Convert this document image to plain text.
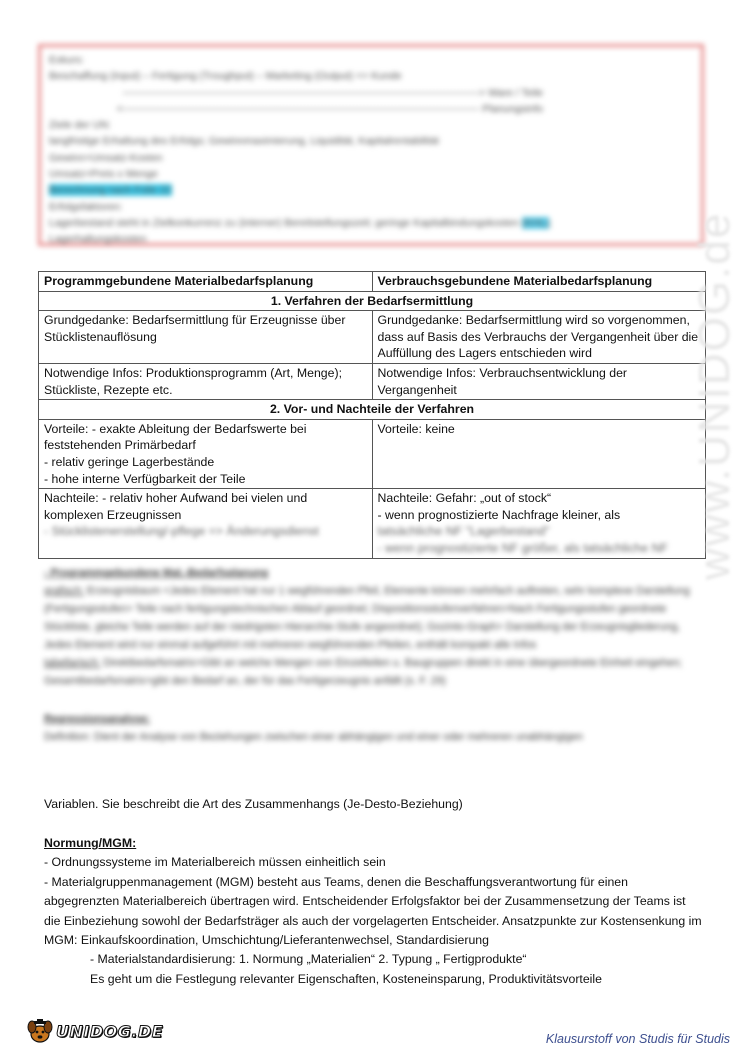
Exkurs:
Beschaffung (Input) – Fertigung (Troughput) – Marketing (Output) => Kunde
------------------------------------------------------------------------------------------------------> Ware / Teile
<------------------------------------------------------------------------------------------------------ Planungsinfo
Ziele der UN:
langfristige Erhaltung des Erfolgs; Gewinnmaximierung, Liquidität, Kapitalrentabilität
Gewinn=Umsatz-Kosten
Umsatz=Preis x Menge
Berechnung nach Folie 22
Erfolgsfaktoren:
Lagerbestand steht in Zielkonkurrenz zu (interner) Bereitstellungszeit; geringe Kapitalbindungskosten (KHL);
Lagerhaltungskosten
Programmgebundene Materialbedarfsplanung	Verbrauchsgebundene Materialbedarfsplanung
1. Verfahren der Bedarfsermittlung	
Grundgedanke: Bedarfsermittlung für Erzeugnisse über Stücklistenauflösung	Grundgedanke: Bedarfsermittlung wird so vorgenommen, dass auf Basis des Verbrauchs der Vergangenheit über die Auffüllung des Lagers entschieden wird
Notwendige Infos: Produktionsprogramm (Art, Menge); Stückliste, Rezepte etc.	Notwendige Infos: Verbrauchsentwicklung der Vergangenheit
2. Vor- und Nachteile der Verfahren	

Vorteile: - exakte Ableitung der Bedarfswerte bei feststehenden Primärbedarf
- relativ geringe Lagerbestände
- hohe interne Verfügbarkeit der Teile	Vorteile: keine

Nachteile: - relativ hoher Aufwand bei vielen und komplexen Erzeugnissen
- Stücklistenerstellung/-pflege => Änderungsdienst	Nachteile: Gefahr: „out of stock“
- wenn prognostizierte Nachfrage kleiner, als
tatsächliche NF "Lagerbestand"
- wenn prognostizierte NF größer, als tatsächliche NF
- Programmgebundene Mat.-Bedarfsplanung
grafisch: Erzeugnisbaum <Jedes Element hat nur 1 wegführenden Pfeil, Elemente können mehrfach auftreten, sehr komplexe Darstellung (Fertigungsstufen> Teile nach fertigungstechnischen Ablauf geordnet; Dispositionsstufenverfahren>Nach Fertigungsstufen geordnete Stückliste, gleiche Teile werden auf der niedrigsten Hierarchie-Stufe angeordnet); Gozinto-Graph> Darstellung der Erzeugnisgliederung, Jedes Element wird nur einmal aufgeführt mit mehreren wegführenden Pfeilen, enthält kompakt alle Infos
tabellarisch: Direktbedarfsmatrix>Gibt an welche Mengen von Einzelteilen u. Baugruppen direkt in eine übergeordnete Einheit eingehen; Gesamtbedarfsmatrix>gibt den Bedarf an, der für das Fertigerzeugnis anfällt (s. F. 29)
Regressionsanalyse:
Definition: Dient der Analyse von Beziehungen zwischen einer abhängigen und einer oder mehreren unabhängigen
Variablen. Sie beschreibt die Art des Zusammenhangs (Je-Desto-Beziehung)
Normung/MGM:
- Ordnungssysteme im Materialbereich müssen einheitlich sein
- Materialgruppenmanagement (MGM) besteht aus Teams, denen die Beschaffungsverantwortung für einen abgegrenzten Materialbereich übertragen wird. Entscheidender Erfolgsfaktor bei der Zusammensetzung der Teams ist die Einbeziehung sowohl der Bedarfsträger als auch der vorgelagerten Entscheider. Ansatzpunkte zur Kostensenkung im MGM: Einkaufskoordination, Umschichtung/Lieferantenwechsel, Standardisierung
- Materialstandardisierung: 1. Normung „Materialien“ 2. Typung „ Fertigprodukte“
Es geht um die Festlegung relevanter Eigenschaften, Kosteneinsparung, Produktivitätsvorteile
www.UNIDOG.de
UNIDOG.DE	Klausurstoff von Studis für Studis
